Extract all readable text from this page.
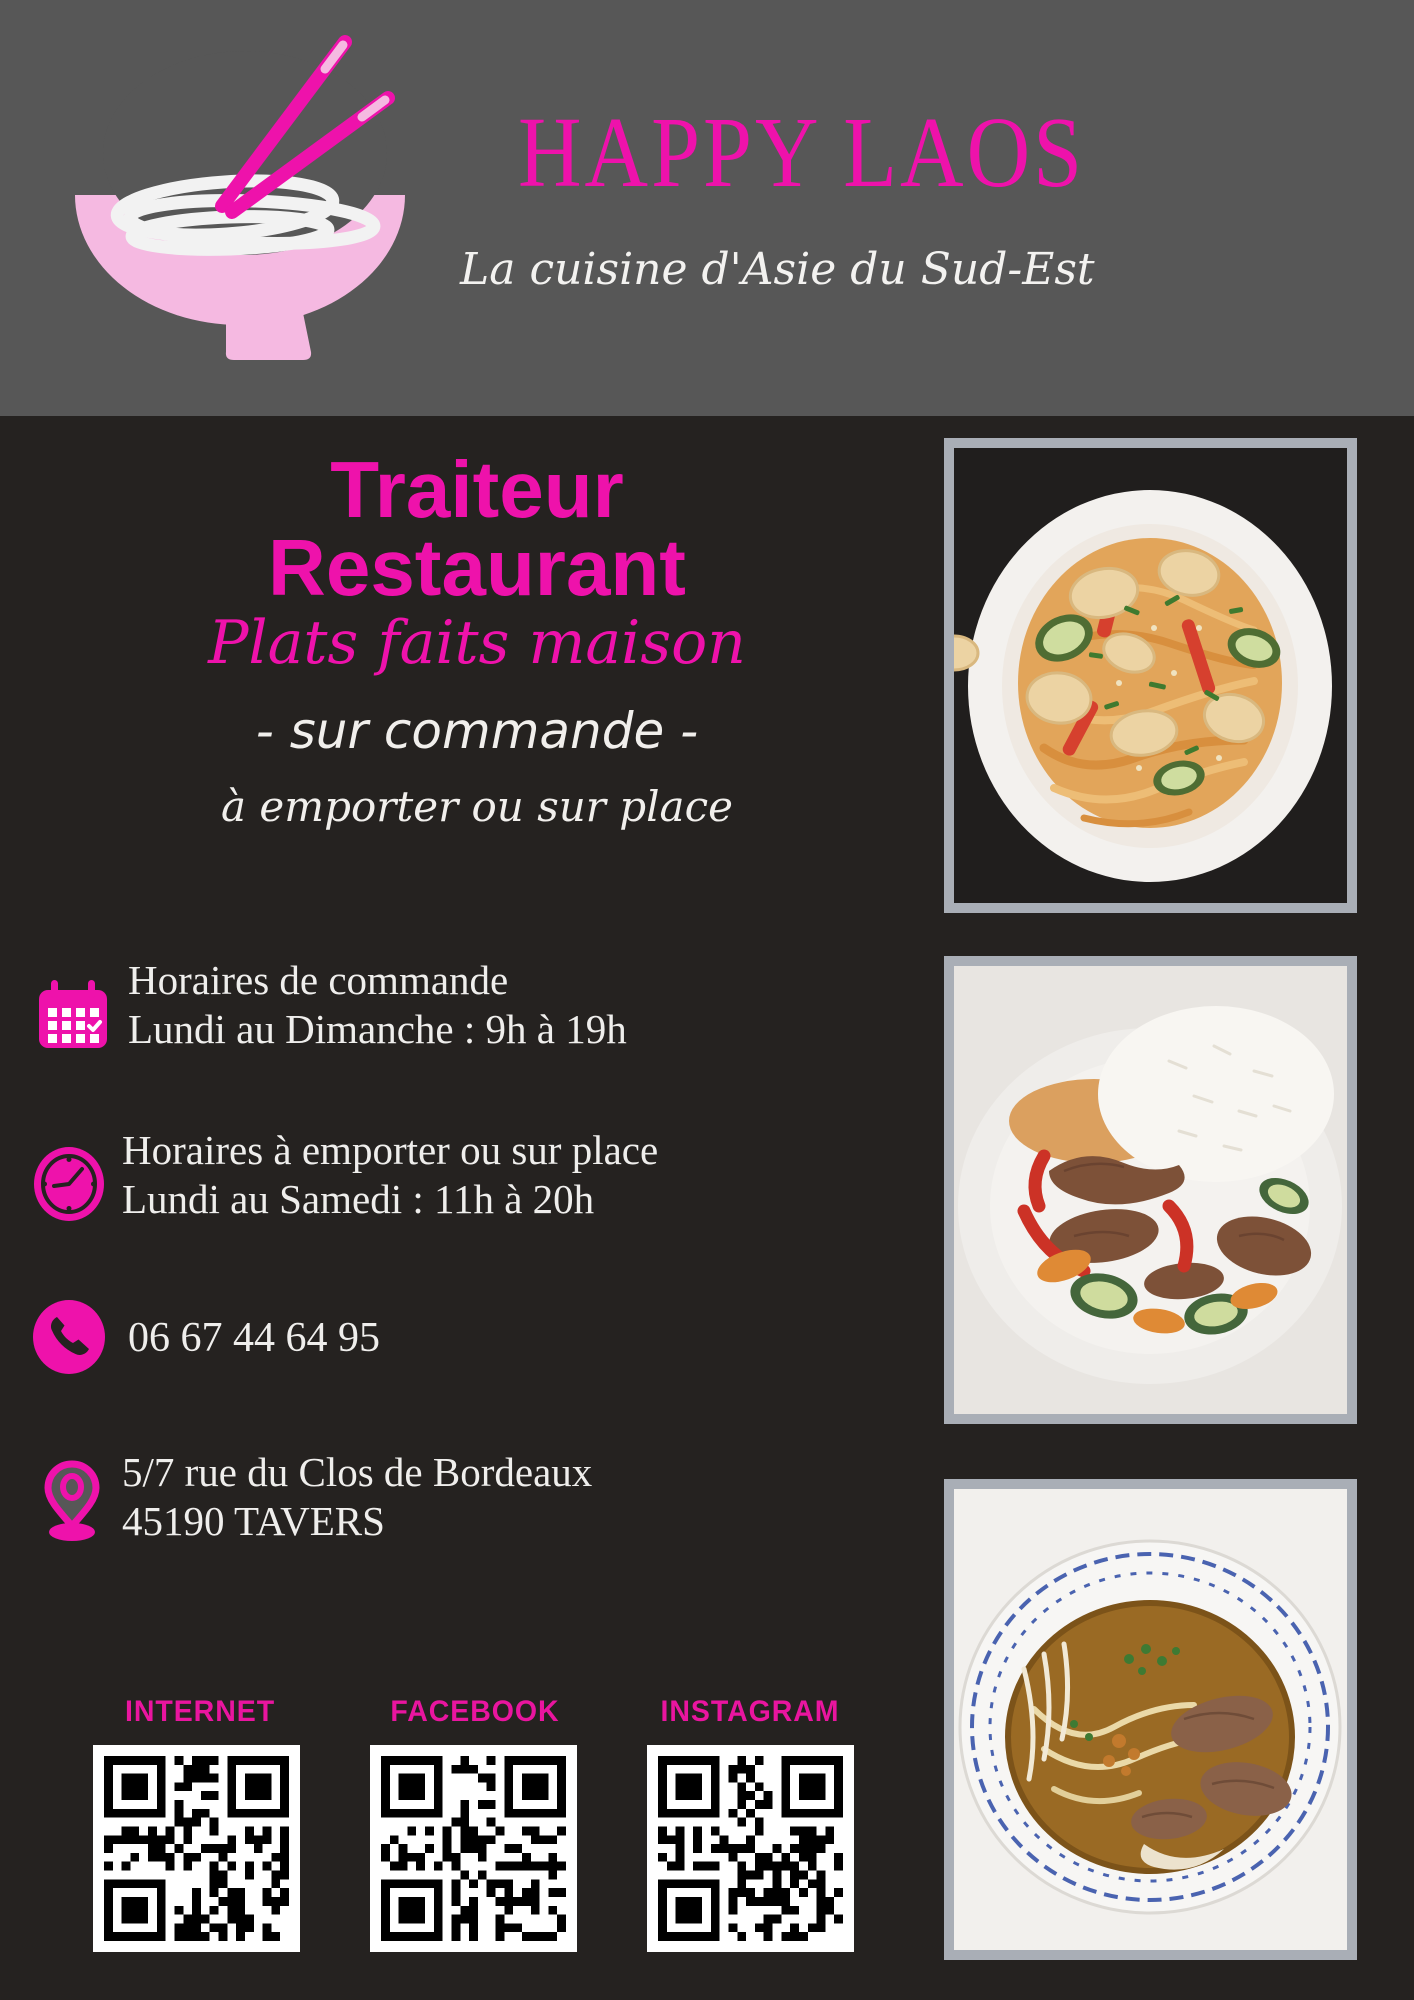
HAPPY LAOS
La cuisine d'Asie du Sud-Est
Traiteur
Restaurant
Plats faits maison
- sur commande -
à emporter ou sur place
Horaires de commande
Lundi au Dimanche : 9h à 19h
Horaires à emporter ou sur place
Lundi au Samedi : 11h à 20h
06 67 44 64 95
5/7 rue du Clos de Bordeaux
45190 TAVERS
INTERNET	FACEBOOK	INSTAGRAM
